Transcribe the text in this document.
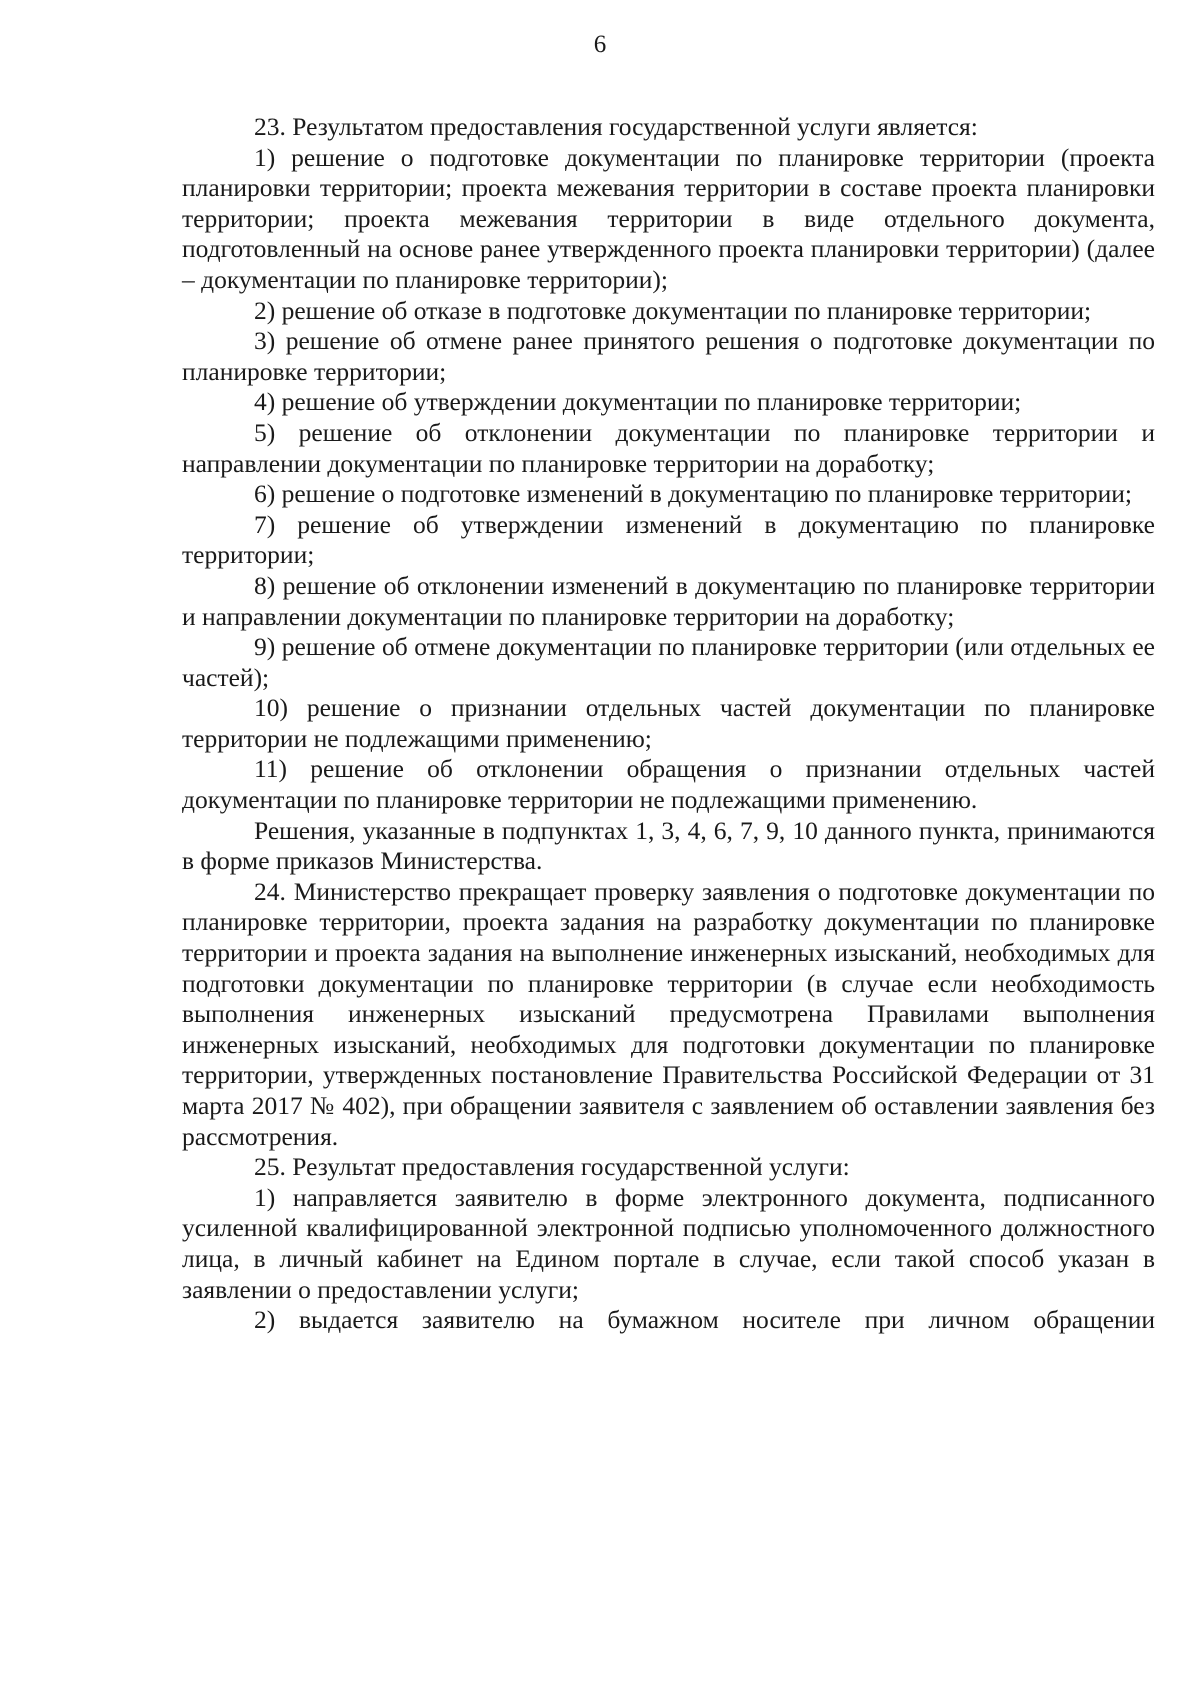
6

23. Результатом предоставления государственной услуги является:

1) решение о подготовке документации по планировке территории (проекта планировки территории; проекта межевания территории в составе проекта планировки территории; проекта межевания территории в виде отдельного документа, подготовленный на основе ранее утвержденного проекта планировки территории) (далее – документации по планировке территории);

2) решение об отказе в подготовке документации по планировке территории;

3) решение об отмене ранее принятого решения о подготовке документации по планировке территории;

4) решение об утверждении документации по планировке территории;

5) решение об отклонении документации по планировке территории и направлении документации по планировке территории на доработку;

6) решение о подготовке изменений в документацию по планировке территории;

7) решение об утверждении изменений в документацию по планировке территории;

8) решение об отклонении изменений в документацию по планировке территории и направлении документации по планировке территории на доработку;

9) решение об отмене документации по планировке территории (или отдельных ее частей);

10) решение о признании отдельных частей документации по планировке территории не подлежащими применению;

11) решение об отклонении обращения о признании отдельных частей документации по планировке территории не подлежащими применению.

Решения, указанные в подпунктах 1, 3, 4, 6, 7, 9, 10 данного пункта, принимаются в форме приказов Министерства.

24. Министерство прекращает проверку заявления о подготовке документации по планировке территории, проекта задания на разработку документации по планировке территории и проекта задания на выполнение инженерных изысканий, необходимых для подготовки документации по планировке территории (в случае если необходимость выполнения инженерных изысканий предусмотрена Правилами выполнения инженерных изысканий, необходимых для подготовки документации по планировке территории, утвержденных постановление Правительства Российской Федерации от 31 марта 2017 № 402), при обращении заявителя с заявлением об оставлении заявления без рассмотрения.

25. Результат предоставления государственной услуги:

1) направляется заявителю в форме электронного документа, подписанного усиленной квалифицированной электронной подписью уполномоченного должностного лица, в личный кабинет на Едином портале в случае, если такой способ указан в заявлении о предоставлении услуги;

2) выдается заявителю на бумажном носителе при личном обращении
